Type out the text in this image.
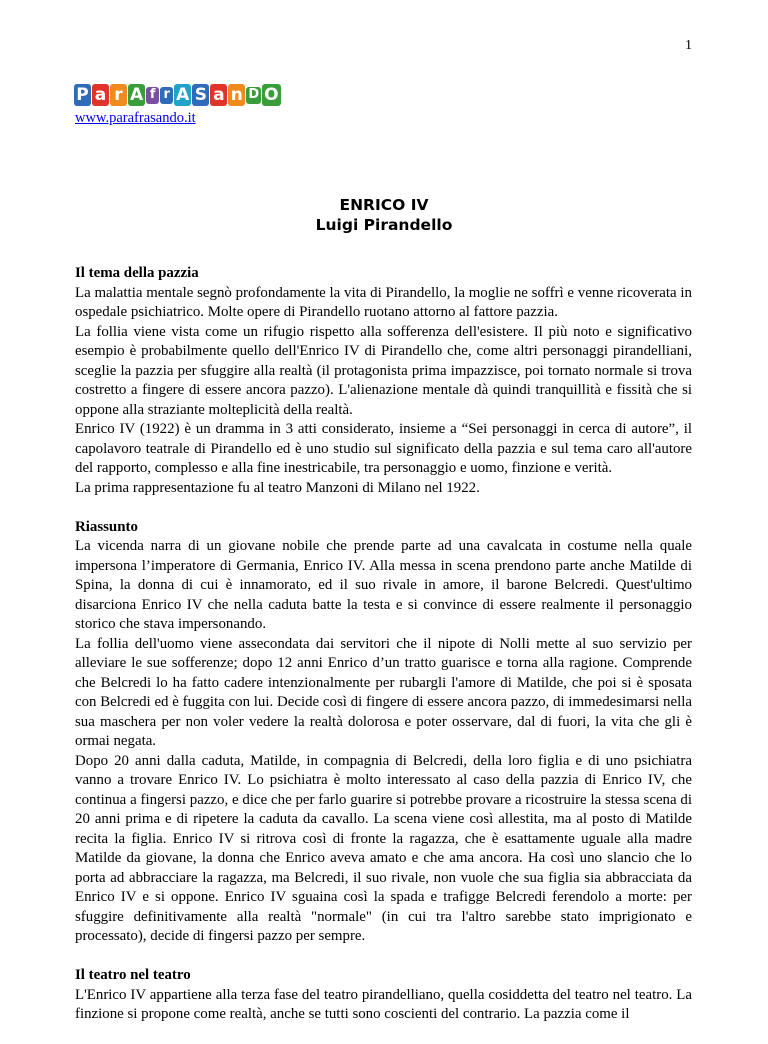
1
P a r A f r A S a n D O
www.parafrasando.it
ENRICO IV
Luigi Pirandello
Il tema della pazzia

La malattia mentale segnò profondamente la vita di Pirandello, la moglie ne soffrì e venne ricoverata in ospedale psichiatrico. Molte opere di Pirandello ruotano attorno al fattore pazzia.

La follia viene vista come un rifugio rispetto alla sofferenza dell'esistere. Il più noto e significativo esempio è probabilmente quello dell'Enrico IV di Pirandello che, come altri personaggi pirandelliani, sceglie la pazzia per sfuggire alla realtà (il protagonista prima impazzisce, poi tornato normale si trova costretto a fingere di essere ancora pazzo). L'alienazione mentale dà quindi tranquillità e fissità che si oppone alla straziante molteplicità della realtà.

Enrico IV (1922) è un dramma in 3 atti considerato, insieme a “Sei personaggi in cerca di autore”, il capolavoro teatrale di Pirandello ed è uno studio sul significato della pazzia e sul tema caro all'autore del rapporto, complesso e alla fine inestricabile, tra personaggio e uomo, finzione e verità.

La prima rappresentazione fu al teatro Manzoni di Milano nel 1922.

Riassunto

La vicenda narra di un giovane nobile che prende parte ad una cavalcata in costume nella quale impersona l’imperatore di Germania, Enrico IV. Alla messa in scena prendono parte anche Matilde di Spina, la donna di cui è innamorato, ed il suo rivale in amore, il barone Belcredi. Quest'ultimo disarciona Enrico IV che nella caduta batte la testa e si convince di essere realmente il personaggio storico che stava impersonando.

La follia dell'uomo viene assecondata dai servitori che il nipote di Nolli mette al suo servizio per alleviare le sue sofferenze; dopo 12 anni Enrico d’un tratto guarisce e torna alla ragione. Comprende che Belcredi lo ha fatto cadere intenzionalmente per rubargli l'amore di Matilde, che poi si è sposata con Belcredi ed è fuggita con lui. Decide così di fingere di essere ancora pazzo, di immedesimarsi nella sua maschera per non voler vedere la realtà dolorosa e poter osservare, dal di fuori, la vita che gli è ormai negata.

Dopo 20 anni dalla caduta, Matilde, in compagnia di Belcredi, della loro figlia e di uno psichiatra vanno a trovare Enrico IV. Lo psichiatra è molto interessato al caso della pazzia di Enrico IV, che continua a fingersi pazzo, e dice che per farlo guarire si potrebbe provare a ricostruire la stessa scena di 20 anni prima e di ripetere la caduta da cavallo. La scena viene così allestita, ma al posto di Matilde recita la figlia. Enrico IV si ritrova così di fronte la ragazza, che è esattamente uguale alla madre Matilde da giovane, la donna che Enrico aveva amato e che ama ancora. Ha così uno slancio che lo porta ad abbracciare la ragazza, ma Belcredi, il suo rivale, non vuole che sua figlia sia abbracciata da Enrico IV e si oppone. Enrico IV sguaina così la spada e trafigge Belcredi ferendolo a morte: per sfuggire definitivamente alla realtà "normale" (in cui tra l'altro sarebbe stato imprigionato e processato), decide di fingersi pazzo per sempre.

Il teatro nel teatro

L'Enrico IV appartiene alla terza fase del teatro pirandelliano, quella cosiddetta del teatro nel teatro. La finzione si propone come realtà, anche se tutti sono coscienti del contrario. La pazzia come il
